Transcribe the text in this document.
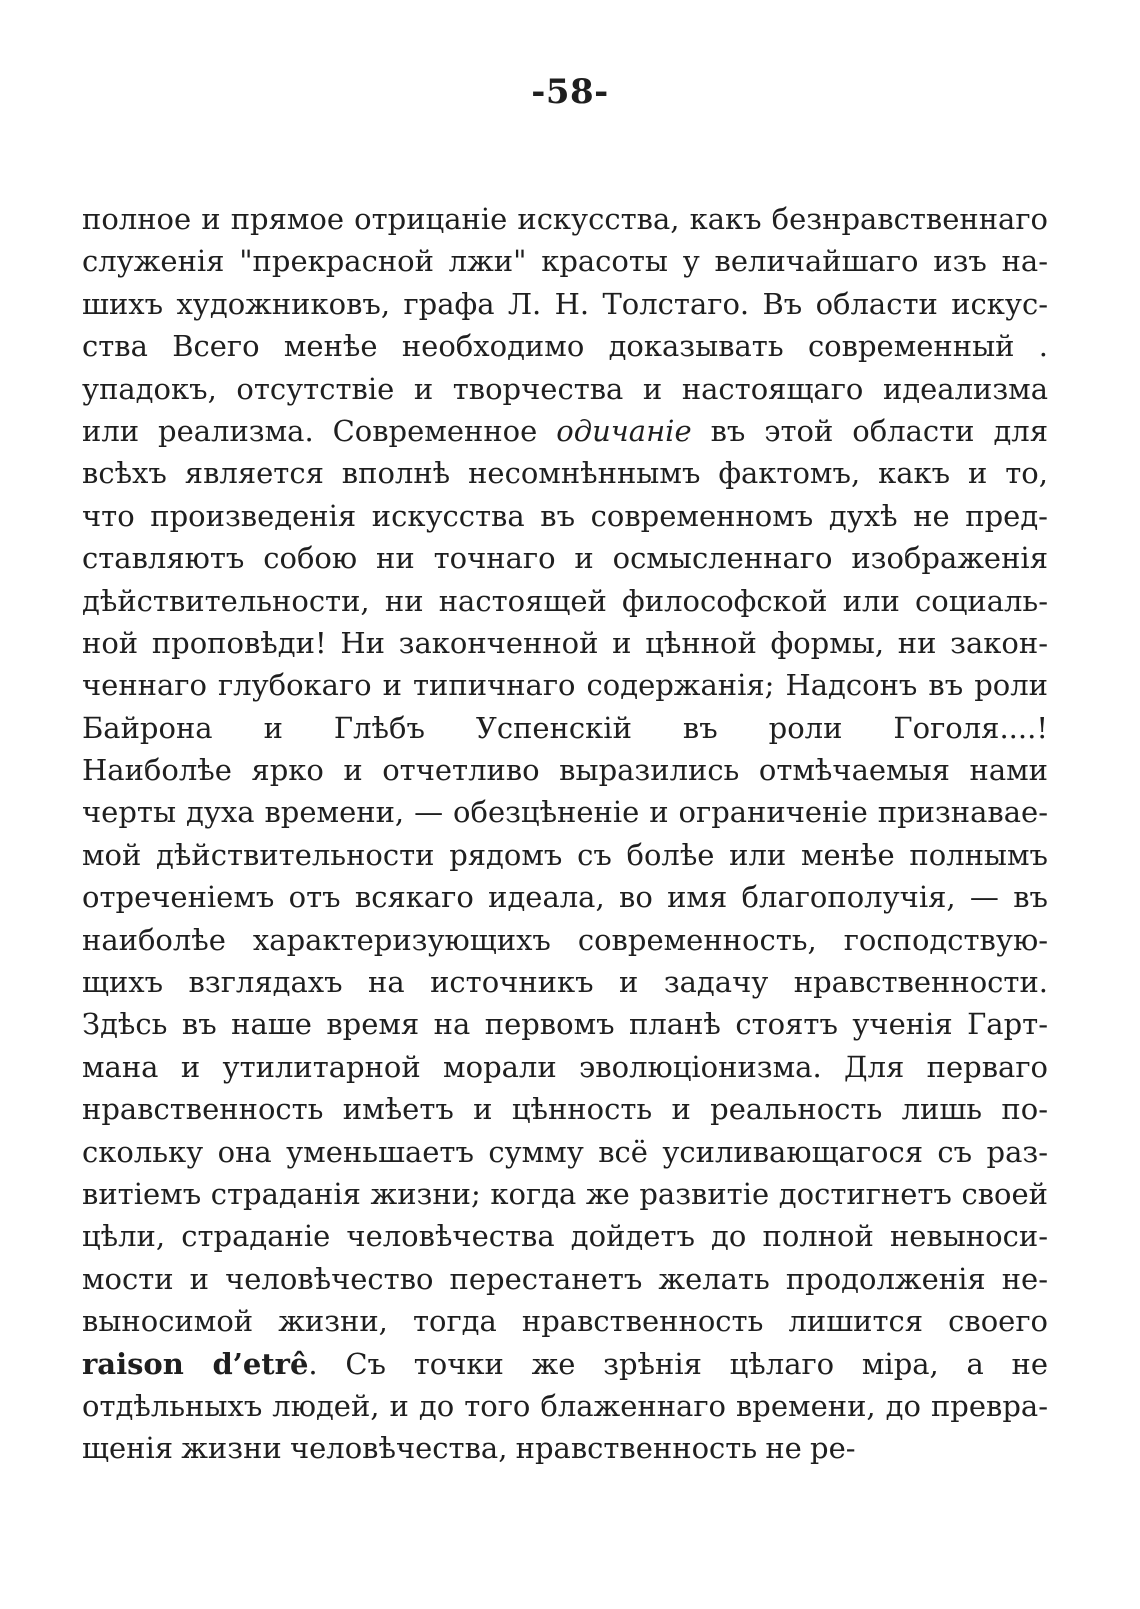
-58-
полное и прямое отрицанiе искусства, какъ безнравственнаго
служенiя "прекрасной лжи" красоты у величайшаго изъ на-
шихъ художниковъ, графа Л. Н. Толстаго. Въ области искус-
ства Всего менѣе необходимо доказывать современный .
упадокъ, отсутствiе и творчества и настоящаго идеализма
или реализма. Современное одичанiе въ этой области для
всѣхъ является вполнѣ несомнѣннымъ фактомъ, какъ и то,
что произведенiя искусства въ современномъ духѣ не пред-
ставляютъ собою ни точнаго и осмысленнаго изображенiя
дѣйствительности, ни настоящей философской или социаль-
ной проповѣди! Ни законченной и цѣнной формы, ни закон-
ченнаго глубокаго и типичнаго содержанiя; Надсонъ въ роли
Байрона и Глѣбъ Успенскiй въ роли Гоголя....!
Наиболѣе ярко и отчетливо выразились отмѣчаемыя нами
черты духа времени, — обезцѣненiе и ограниченiе признавае-
мой дѣйствительности рядомъ съ болѣе или менѣе полнымъ
отреченiемъ отъ всякаго идеала, во имя благополучiя, — въ
наиболѣе характеризующихъ современность, господствую-
щихъ взглядахъ на источникъ и задачу нравственности.
Здѣсь въ наше время на первомъ планѣ стоятъ ученiя Гарт-
мана и утилитарной морали эволюцiонизма. Для перваго
нравственность имѣетъ и цѣнность и реальность лишь по-
скольку она уменьшаетъ сумму всё усиливающагося съ раз-
витiемъ страданiя жизни; когда же развитiе достигнетъ своей
цѣли, страданiе человѣчества дойдетъ до полной невыноси-
мости и человѣчество перестанетъ желать продолженiя не-
выносимой жизни, тогда нравственность лишится своего
raison d’etrê. Съ точки же зрѣнiя цѣлаго мiра, а не
отдѣльныхъ людей, и до того блаженнаго времени, до превра-
щенiя жизни человѣчества, нравственность не ре-
